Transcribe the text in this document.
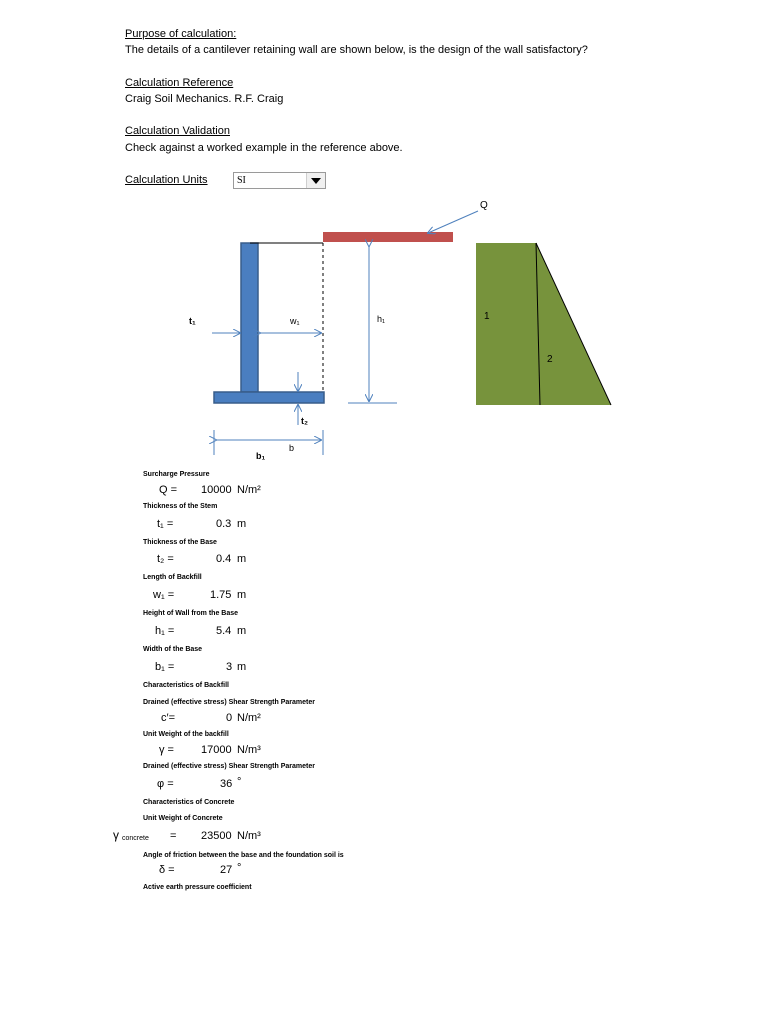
Purpose of calculation:
The details of a cantilever retaining wall are shown below, is the design of the wall satisfactory?
Calculation Reference
Craig Soil Mechanics. R.F. Craig
Calculation Validation
Check against a worked example in the reference above.
Calculation Units	SI
Q
t₁	w₁	h₁
t₂
b
b₁
1
2
Surcharge Pressure
Q = 10000 N/m²
Thickness of the Stem
t₁ =	0.3 m
Thickness of the Base
t₂ =	0.4 m
Length of Backfill
w₁ =	1.75 m
Height of Wall from the Base
h₁ =	5.4 m
Width of the Base
b₁ =	3 m
Characteristics of Backfill
Drained (effective stress) Shear Strength Parameter
c′=	0 N/m²
Unit Weight of the backfill
γ = 17000 N/m³
Drained (effective stress) Shear Strength Parameter
φ =	36 °
Characteristics of Concrete
Unit Weight of Concrete
γ concrete = 23500 N/m³
Angle of friction between the base and the foundation soil is
δ =	27 °
Active earth pressure coefficient
